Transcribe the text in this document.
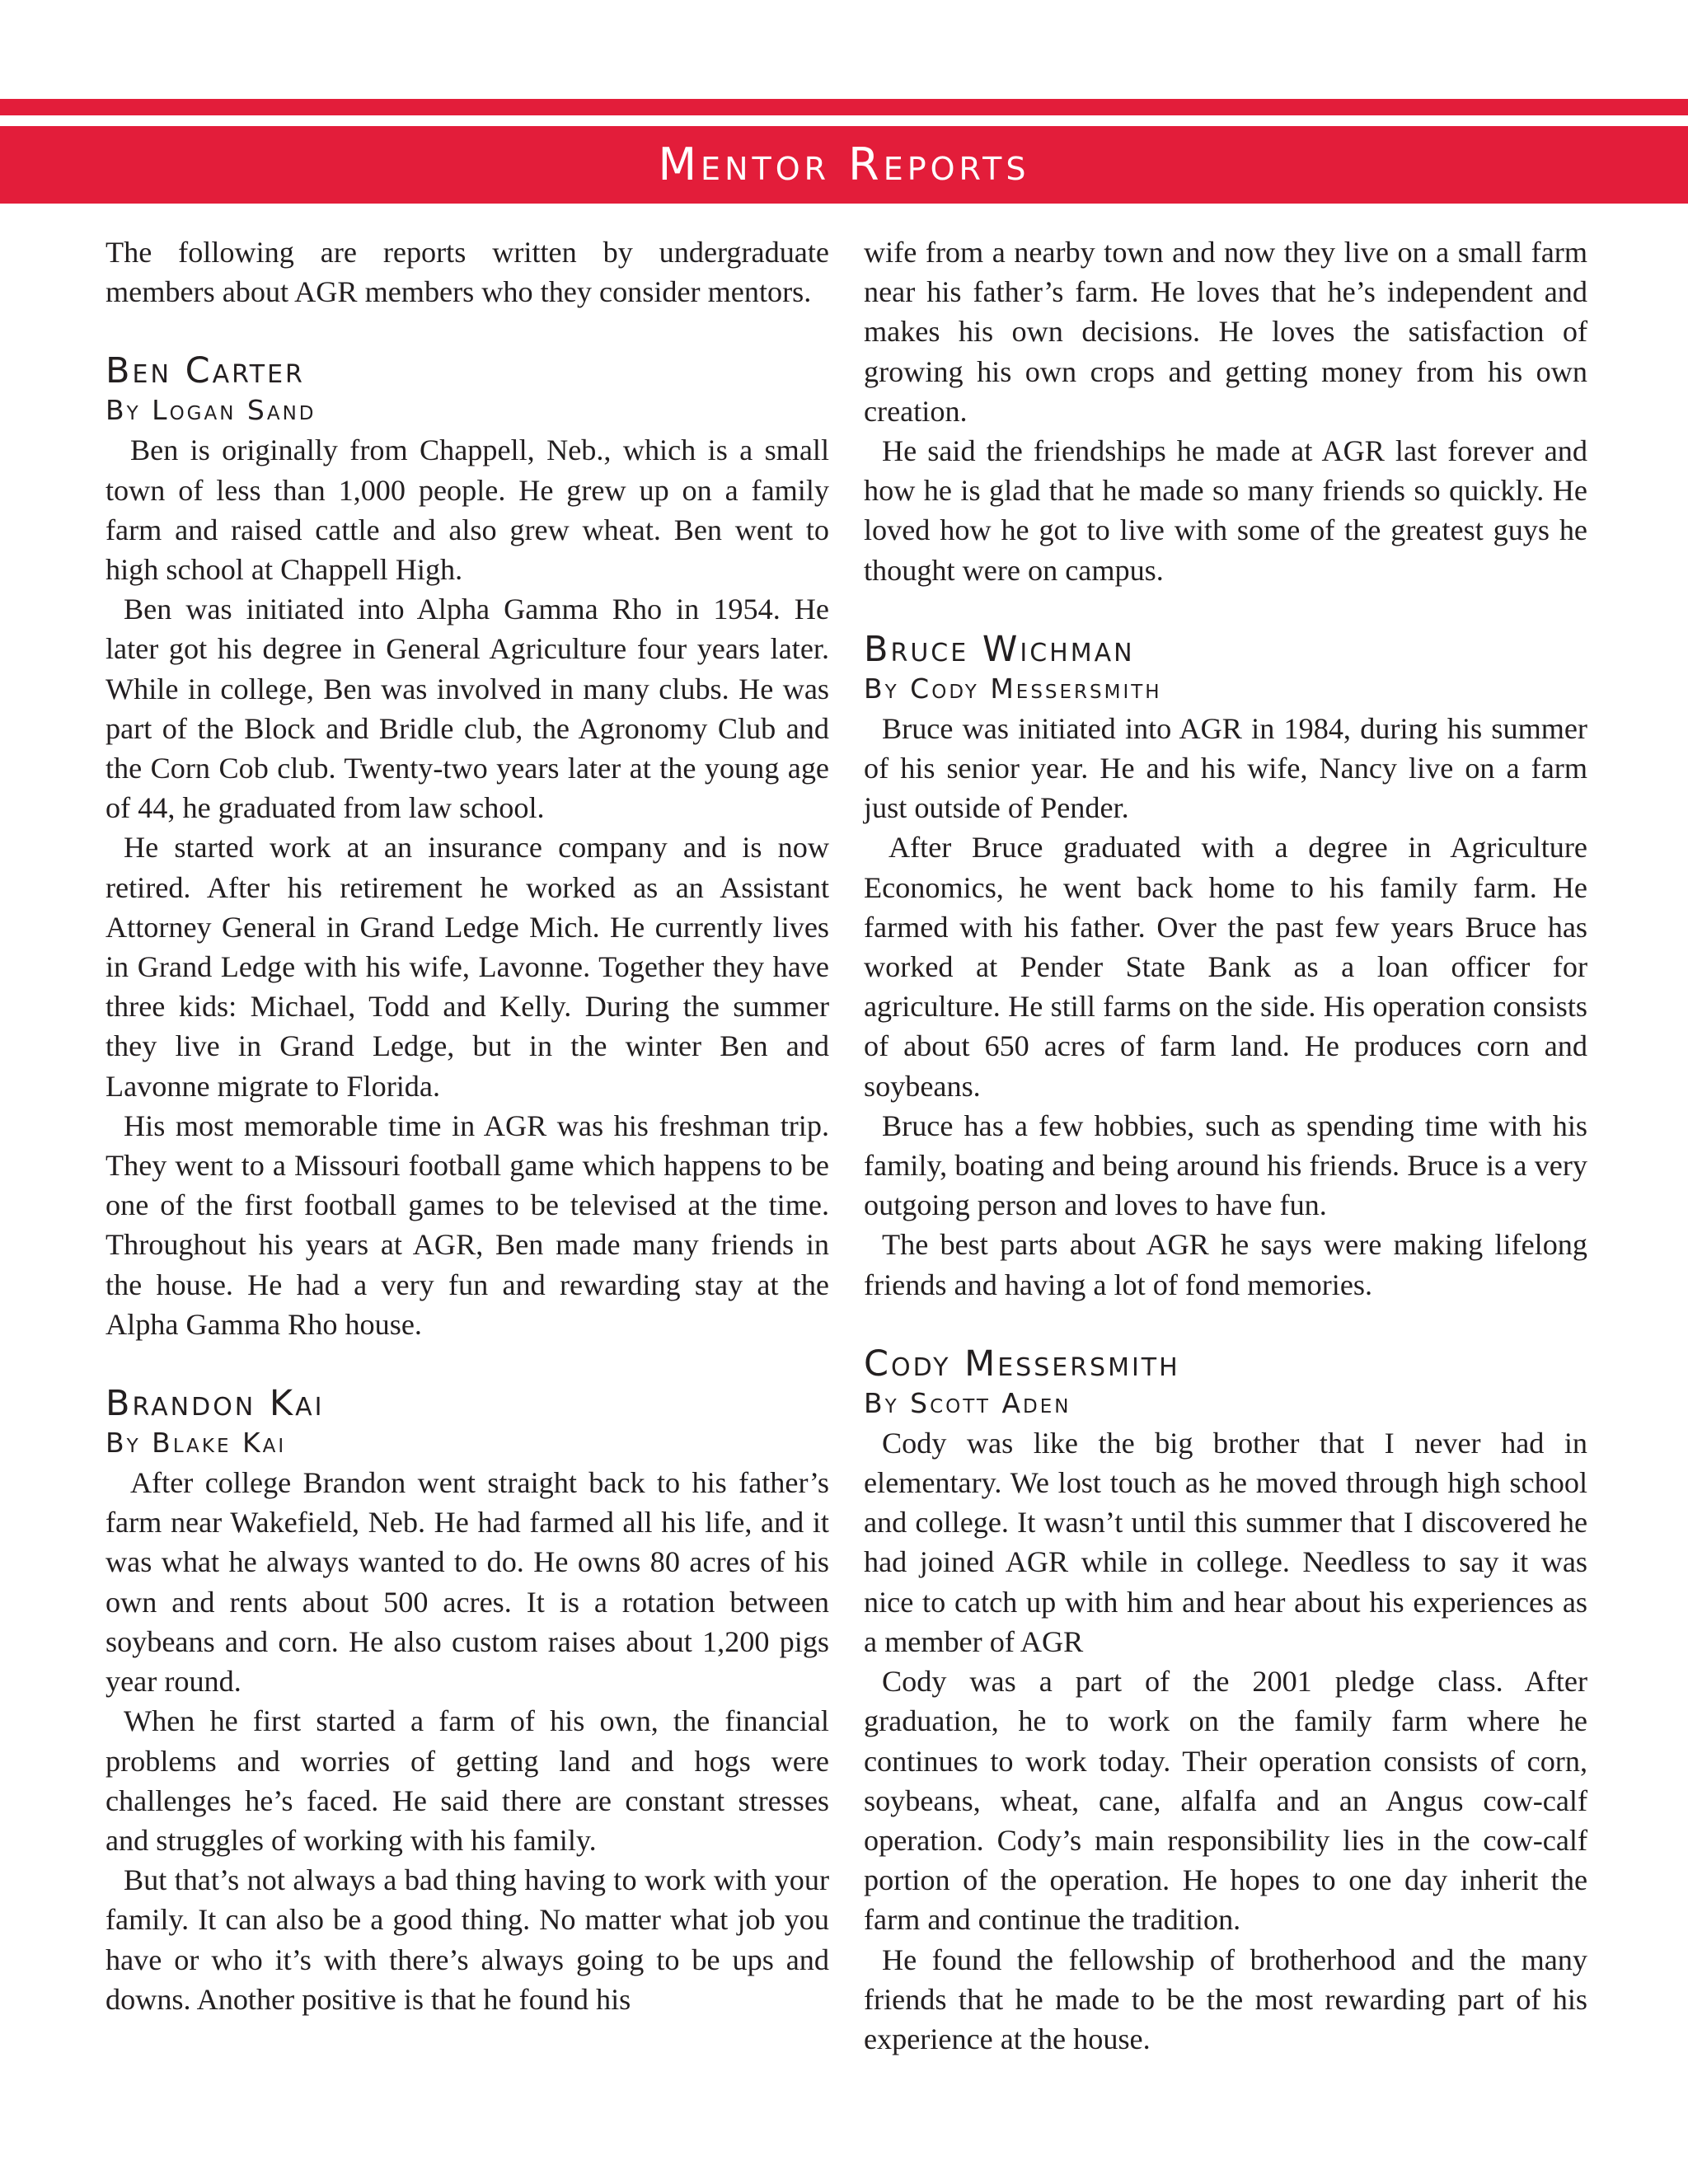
Mentor Reports

The following are reports written by undergraduate members about AGR members who they consider mentors.

Ben Carter
By Logan Sand

Ben is originally from Chappell, Neb., which is a small town of less than 1,000 people. He grew up on a family farm and raised cattle and also grew wheat. Ben went to high school at Chappell High.

Ben was initiated into Alpha Gamma Rho in 1954. He later got his degree in General Agriculture four years later. While in college, Ben was involved in many clubs. He was part of the Block and Bridle club, the Agronomy Club and the Corn Cob club. Twenty-two years later at the young age of 44, he graduated from law school.

He started work at an insurance company and is now retired. After his retirement he worked as an Assistant Attorney General in Grand Ledge Mich. He currently lives in Grand Ledge with his wife, Lavonne. Together they have three kids: Michael, Todd and Kelly. During the summer they live in Grand Ledge, but in the winter Ben and Lavonne migrate to Florida.

His most memorable time in AGR was his freshman trip. They went to a Missouri football game which happens to be one of the first football games to be televised at the time. Throughout his years at AGR, Ben made many friends in the house. He had a very fun and rewarding stay at the Alpha Gamma Rho house.

Brandon Kai
By Blake Kai

After college Brandon went straight back to his father’s farm near Wakefield, Neb. He had farmed all his life, and it was what he always wanted to do. He owns 80 acres of his own and rents about 500 acres. It is a rotation between soybeans and corn. He also custom raises about 1,200 pigs year round.

When he first started a farm of his own, the financial problems and worries of getting land and hogs were challenges he’s faced. He said there are constant stresses and struggles of working with his family.

But that’s not always a bad thing having to work with your family. It can also be a good thing. No matter what job you have or who it’s with there’s always going to be ups and downs. Another positive is that he found his

wife from a nearby town and now they live on a small farm near his father’s farm. He loves that he’s independent and makes his own decisions. He loves the satisfaction of growing his own crops and getting money from his own creation.

He said the friendships he made at AGR last forever and how he is glad that he made so many friends so quickly. He loved how he got to live with some of the greatest guys he thought were on campus.

Bruce Wichman
By Cody Messersmith

Bruce was initiated into AGR in 1984, during his summer of his senior year. He and his wife, Nancy live on a farm just outside of Pender.

After Bruce graduated with a degree in Agriculture Economics, he went back home to his family farm. He farmed with his father. Over the past few years Bruce has worked at Pender State Bank as a loan officer for agriculture. He still farms on the side. His operation consists of about 650 acres of farm land. He produces corn and soybeans.

Bruce has a few hobbies, such as spending time with his family, boating and being around his friends. Bruce is a very outgoing person and loves to have fun.

The best parts about AGR he says were making lifelong friends and having a lot of fond memories.

Cody Messersmith
By Scott Aden

Cody was like the big brother that I never had in elementary. We lost touch as he moved through high school and college. It wasn’t until this summer that I discovered he had joined AGR while in college. Needless to say it was nice to catch up with him and hear about his experiences as a member of AGR

Cody was a part of the 2001 pledge class. After graduation, he to work on the family farm where he continues to work today. Their operation consists of corn, soybeans, wheat, cane, alfalfa and an Angus cow-calf operation. Cody’s main responsibility lies in the cow-calf portion of the operation. He hopes to one day inherit the farm and continue the tradition.

He found the fellowship of brotherhood and the many friends that he made to be the most rewarding part of his experience at the house.
